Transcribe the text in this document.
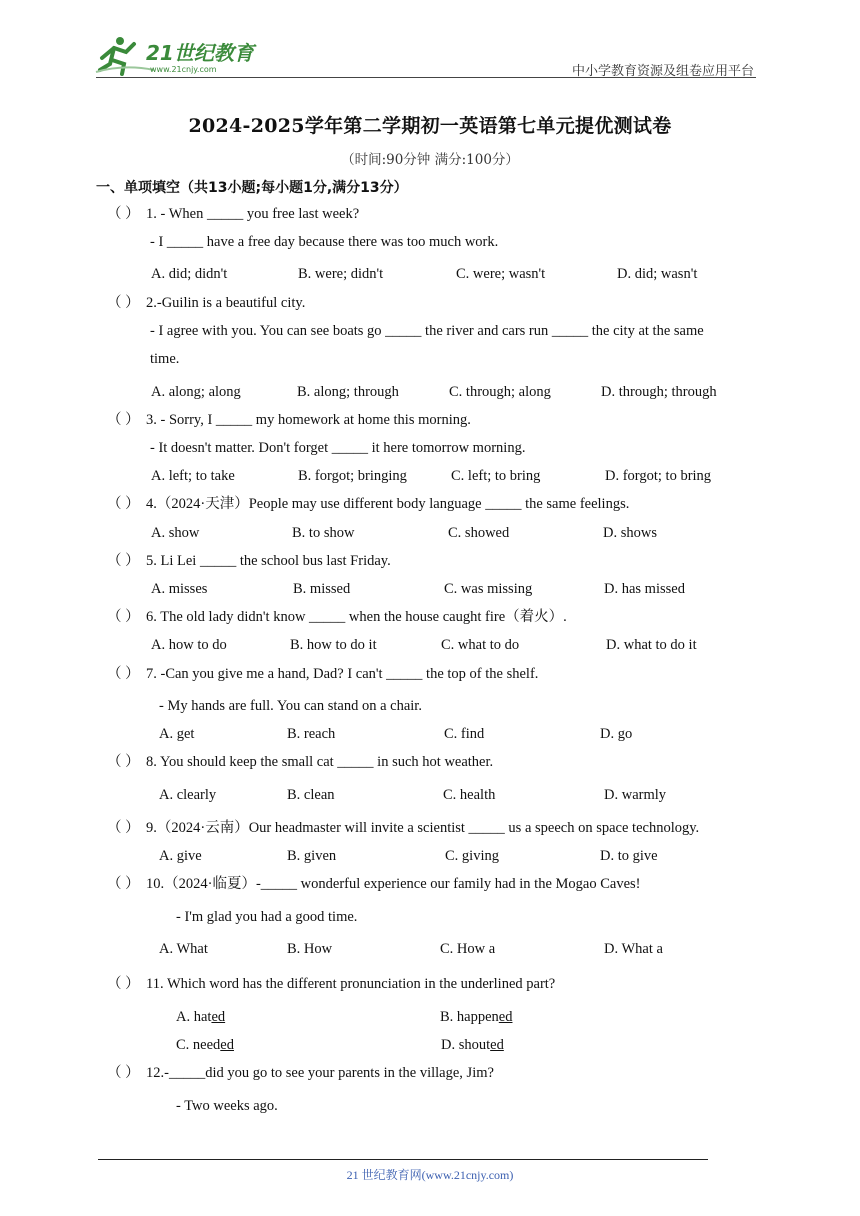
21世纪教育
www.21cnjy.com	中小学教育资源及组卷应用平台
2024-2025学年第二学期初一英语第七单元提优测试卷
（时间:90分钟 满分:100分）
一、单项填空（共13小题;每小题1分,满分13分）
（ ） 1. - When _____ you free last week?
- I _____ have a free day because there was too much work.
A. did; didn't	B. were; didn't	C. were; wasn't	D. did; wasn't
（ ） 2.-Guilin is a beautiful city.
- I agree with you. You can see boats go _____ the river and cars run _____ the city at the same
time.
A. along; along	B. along; through	C. through; along	D. through; through
（ ） 3. - Sorry, I _____ my homework at home this morning.
- It doesn't matter. Don't forget _____ it here tomorrow morning.
A. left; to take	B. forgot; bringing	C. left; to bring	D. forgot; to bring
（ ） 4.（2024·天津）People may use different body language _____ the same feelings.
A. show	B. to show	C. showed	D. shows
（ ） 5. Li Lei _____ the school bus last Friday.
A. misses	B. missed	C. was missing	D. has missed
（ ） 6. The old lady didn't know _____ when the house caught fire（着火）.
A. how to do	B. how to do it	C. what to do	D. what to do it
（ ） 7. -Can you give me a hand, Dad? I can't _____ the top of the shelf.
- My hands are full. You can stand on a chair.
A. get	B. reach	C. find	D. go
（ ） 8. You should keep the small cat _____ in such hot weather.
A. clearly	B. clean	C. health	D. warmly
（ ） 9.（2024·云南）Our headmaster will invite a scientist _____ us a speech on space technology.
A. give	B. given	C. giving	D. to give
（ ） 10.（2024·临夏）-_____ wonderful experience our family had in the Mogao Caves!
- I'm glad you had a good time.
A. What	B. How	C. How a	D. What a
（ ） 11. Which word has the different pronunciation in the underlined part?
A. hated	B. happened
C. needed	D. shouted
（ ） 12.-_____did you go to see your parents in the village, Jim?
- Two weeks ago.
21 世纪教育网(www.21cnjy.com)
